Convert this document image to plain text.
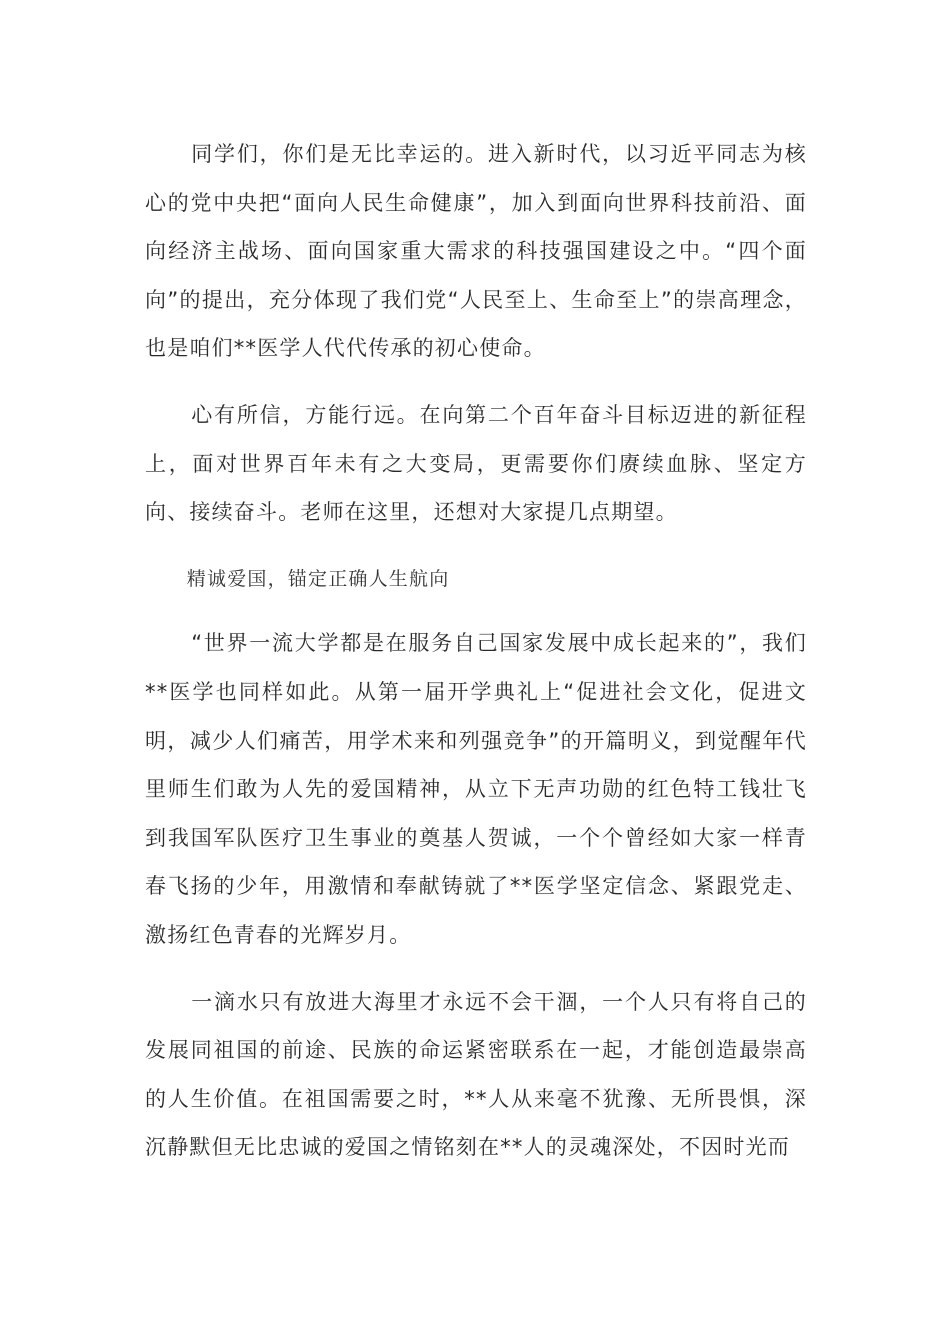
同学们，你们是无比幸运的。进入新时代，以习近平同志为核心的党中央把“面向人民生命健康”，加入到面向世界科技前沿、面向经济主战场、面向国家重大需求的科技强国建设之中。“四个面向”的提出，充分体现了我们党“人民至上、生命至上”的崇高理念，也是咱们**医学人代代传承的初心使命。

心有所信，方能行远。在向第二个百年奋斗目标迈进的新征程上，面对世界百年未有之大变局，更需要你们赓续血脉、坚定方向、接续奋斗。老师在这里，还想对大家提几点期望。

精诚爱国，锚定正确人生航向

“世界一流大学都是在服务自己国家发展中成长起来的”，我们**医学也同样如此。从第一届开学典礼上“促进社会文化，促进文明，减少人们痛苦，用学术来和列强竞争”的开篇明义，到觉醒年代里师生们敢为人先的爱国精神，从立下无声功勋的红色特工钱壮飞到我国军队医疗卫生事业的奠基人贺诚，一个个曾经如大家一样青春飞扬的少年，用激情和奉献铸就了**医学坚定信念、紧跟党走、激扬红色青春的光辉岁月。

一滴水只有放进大海里才永远不会干涸，一个人只有将自己的发展同祖国的前途、民族的命运紧密联系在一起，才能创造最崇高的人生价值。在祖国需要之时，**人从来毫不犹豫、无所畏惧，深沉静默但无比忠诚的爱国之情铭刻在**人的灵魂深处，不因时光而
